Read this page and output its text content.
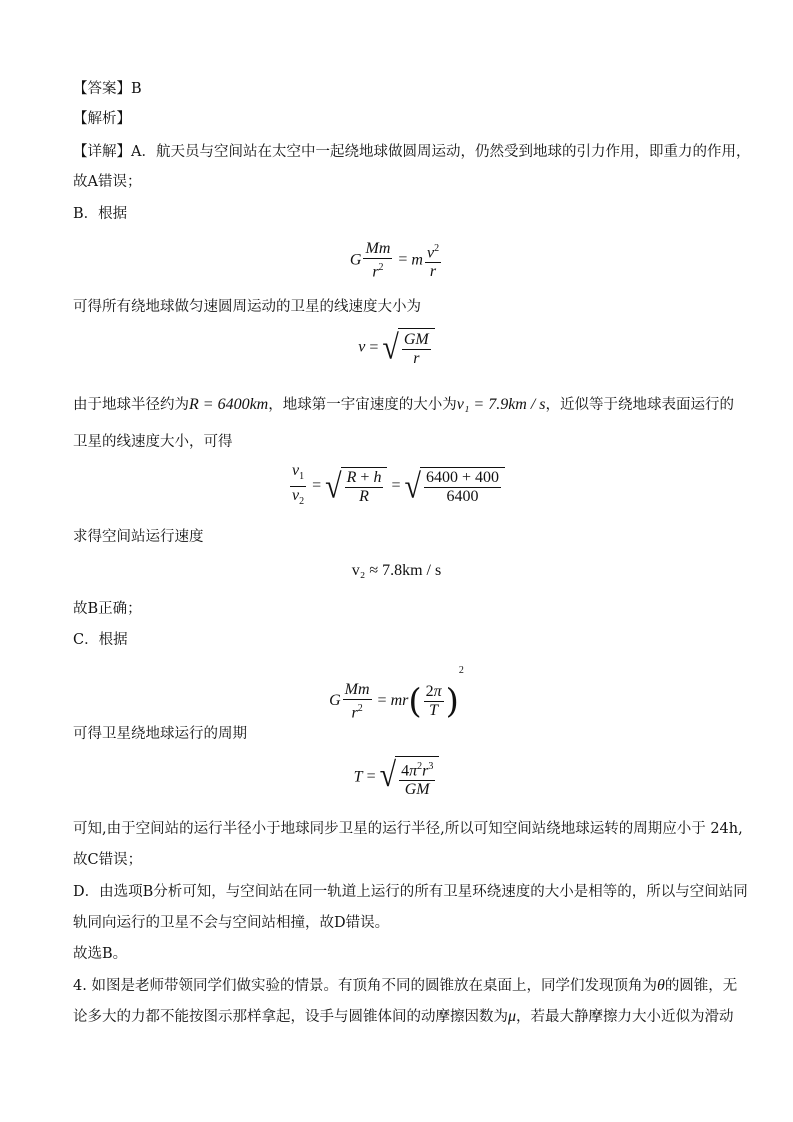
【答案】B
【解析】
【详解】A．航天员与空间站在太空中一起绕地球做圆周运动，仍然受到地球的引力作用，即重力的作用，
故A错误；
B．根据
G $\frac{Mm}{r^2} = m \frac{v^2}{r}$
可得所有绕地球做匀速圆周运动的卫星的线速度大小为
v = √ $\frac{GM}{r}$
由于地球半径约为R = 6400km，地球第一宇宙速度的大小为v₁ = 7.9km / s，近似等于绕地球表面运行的
卫星的线速度大小，可得
$\frac{v_1}{v_2}$ = √ $\frac{R + h}{R}$ = √ $\frac{6400 + 400}{6400}$
求得空间站运行速度
v₂ ≈ 7.8km / s
故B正确；
C．根据
G $\frac{Mm}{r^2} = mr( \frac{2\pi}{T} )^2$
可得卫星绕地球运行的周期
T = √ $\frac{4\pi^2r^3}{GM}$
可知,由于空间站的运行半径小于地球同步卫星的运行半径,所以可知空间站绕地球运转的周期应小于 24h,
故C错误；
D．由选项B分析可知，与空间站在同一轨道上运行的所有卫星环绕速度的大小是相等的，所以与空间站同
轨同向运行的卫星不会与空间站相撞，故D错误。
故选B。
4. 如图是老师带领同学们做实验的情景。有顶角不同的圆锥放在桌面上，同学们发现顶角为θ的圆锥，无
论多大的力都不能按图示那样拿起，设手与圆锥体间的动摩擦因数为μ，若最大静摩擦力大小近似为滑动
